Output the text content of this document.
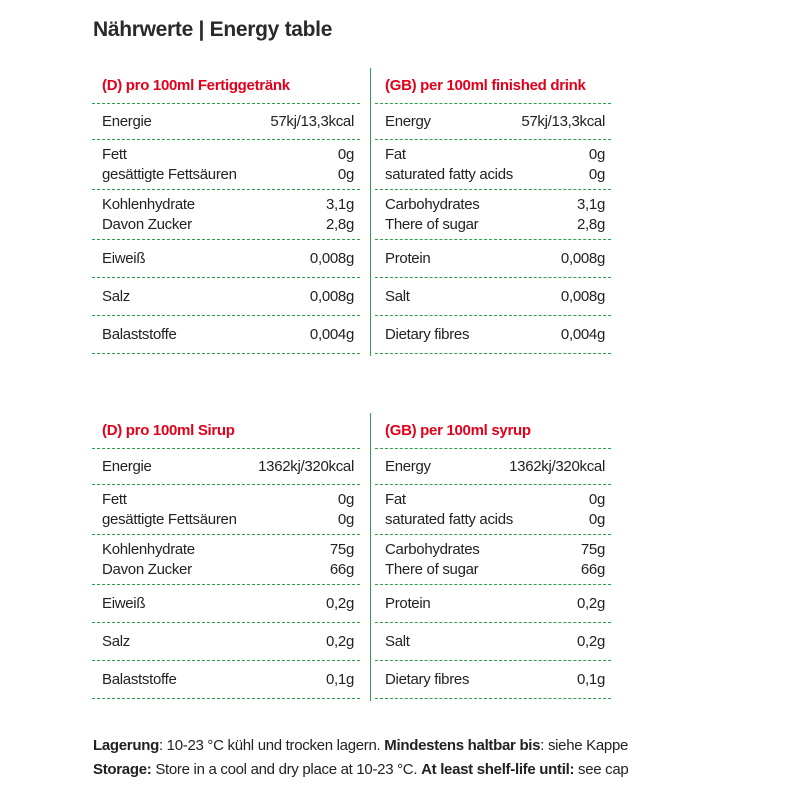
Nährwerte | Energy table
(D) pro 100ml Fertiggetränk
Energie	57kj/13,3kcal
Fett	0g
gesättigte Fettsäuren	0g
Kohlenhydrate	3,1g
Davon Zucker	2,8g
Eiweiß	0,008g
Salz	0,008g
Balaststoffe	0,004g
(GB) per 100ml finished drink
Energy	57kj/13,3kcal
Fat	0g
saturated fatty acids	0g
Carbohydrates	3,1g
There of sugar	2,8g
Protein	0,008g
Salt	0,008g
Dietary fibres	0,004g
(D) pro 100ml Sirup
Energie	1362kj/320kcal
Fett	0g
gesättigte Fettsäuren	0g
Kohlenhydrate	75g
Davon Zucker	66g
Eiweiß	0,2g
Salz	0,2g
Balaststoffe	0,1g
(GB) per 100ml syrup
Energy	1362kj/320kcal
Fat	0g
saturated fatty acids	0g
Carbohydrates	75g
There of sugar	66g
Protein	0,2g
Salt	0,2g
Dietary fibres	0,1g
Lagerung: 10-23 °C kühl und trocken lagern. Mindestens haltbar bis: siehe Kappe
Storage: Store in a cool and dry place at 10-23 °C. At least shelf-life until: see cap
